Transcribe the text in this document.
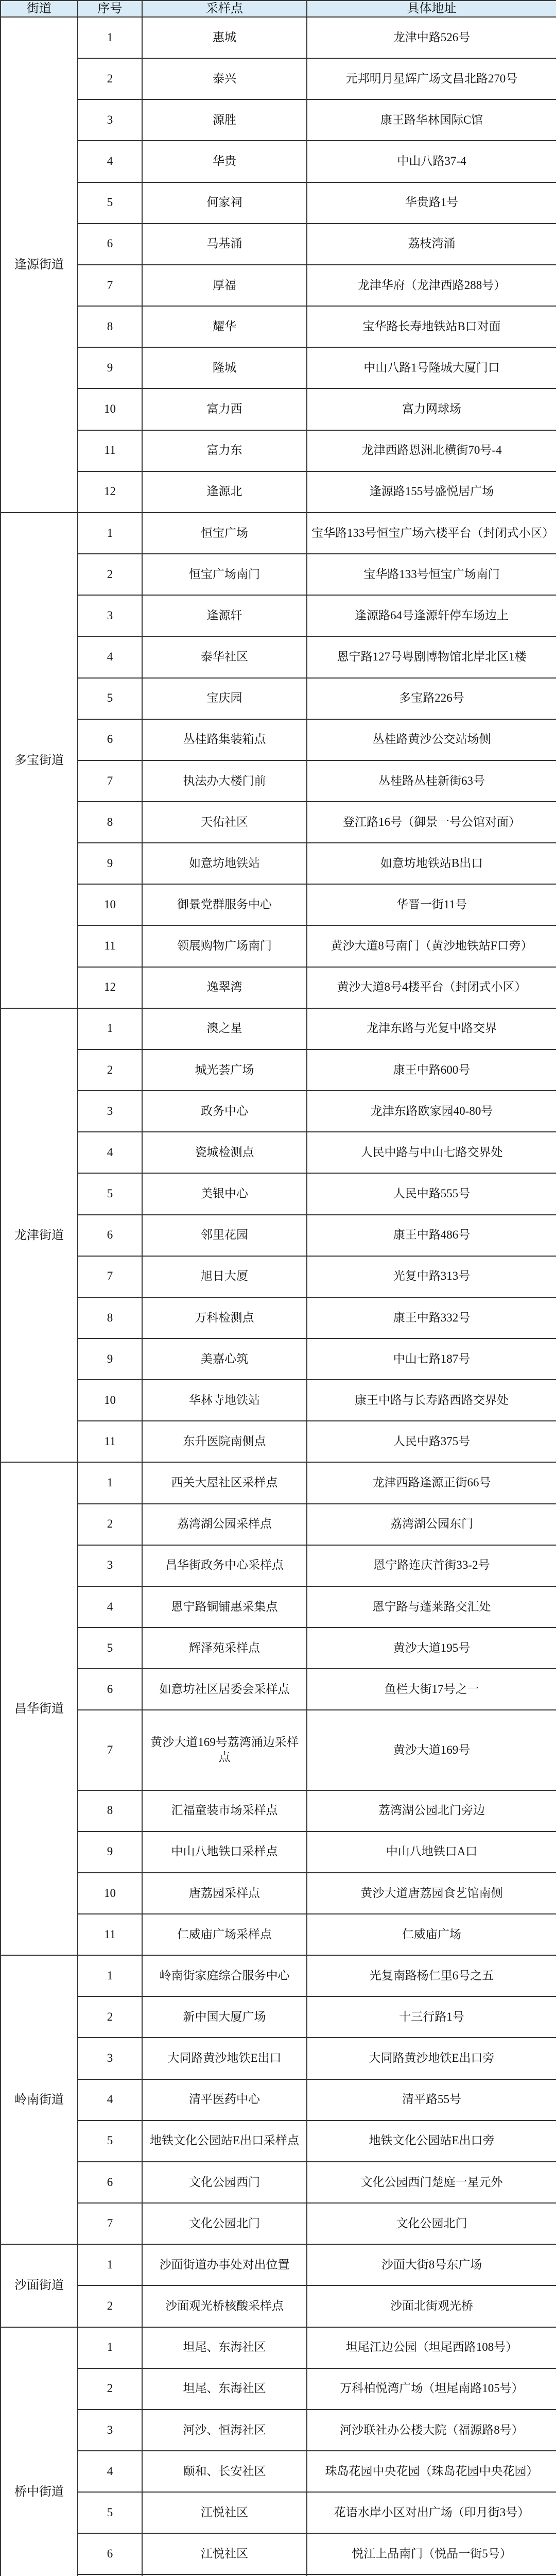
街道	序号	采样点	具体地址
逢源街道	1	惠城	龙津中路526号
	2	泰兴	元邦明月星辉广场文昌北路270号
	3	源胜	康王路华林国际C馆
	4	华贵	中山八路37-4
	5	何家祠	华贵路1号
	6	马基涌	荔枝湾涌
	7	厚福	龙津华府（龙津西路288号）
	8	耀华	宝华路长寿地铁站B口对面
	9	隆城	中山八路1号隆城大厦门口
	10	富力西	富力网球场
	11	富力东	龙津西路恩洲北横街70号-4
	12	逢源北	逢源路155号盛悦居广场
多宝街道	1	恒宝广场	宝华路133号恒宝广场六楼平台（封闭式小区）
	2	恒宝广场南门	宝华路133号恒宝广场南门
	3	逢源轩	逢源路64号逢源轩停车场边上
	4	泰华社区	恩宁路127号粤剧博物馆北岸北区1楼
	5	宝庆园	多宝路226号
	6	丛桂路集装箱点	丛桂路黄沙公交站场侧
	7	执法办大楼门前	丛桂路丛桂新街63号
	8	天佑社区	登江路16号（御景一号公馆对面）
	9	如意坊地铁站	如意坊地铁站B出口
	10	御景党群服务中心	华晋一街11号
	11	领展购物广场南门	黄沙大道8号南门（黄沙地铁站F口旁）
	12	逸翠湾	黄沙大道8号4楼平台（封闭式小区）
龙津街道	1	澳之星	龙津东路与光复中路交界
	2	城光荟广场	康王中路600号
	3	政务中心	龙津东路欧家园40-80号
	4	瓷城检测点	人民中路与中山七路交界处
	5	美银中心	人民中路555号
	6	邻里花园	康王中路486号
	7	旭日大厦	光复中路313号
	8	万科检测点	康王中路332号
	9	美嘉心筑	中山七路187号
	10	华林寺地铁站	康王中路与长寿路西路交界处
	11	东升医院南侧点	人民中路375号
昌华街道	1	西关大屋社区采样点	龙津西路逢源正街66号
	2	荔湾湖公园采样点	荔湾湖公园东门
	3	昌华街政务中心采样点	恩宁路连庆首街33-2号
	4	恩宁路铜铺惠采集点	恩宁路与蓬莱路交汇处
	5	辉泽苑采样点	黄沙大道195号
	6	如意坊社区居委会采样点	鱼栏大街17号之一
	7	黄沙大道169号荔湾涌边采样点	黄沙大道169号
	8	汇福童装市场采样点	荔湾湖公园北门旁边
	9	中山八地铁口采样点	中山八地铁口A口
	10	唐荔园采样点	黄沙大道唐荔园食艺馆南侧
	11	仁威庙广场采样点	仁威庙广场
岭南街道	1	岭南街家庭综合服务中心	光复南路杨仁里6号之五
	2	新中国大厦广场	十三行路1号
	3	大同路黄沙地铁E出口	大同路黄沙地铁E出口旁
	4	清平医药中心	清平路55号
	5	地铁文化公园站E出口采样点	地铁文化公园站E出口旁
	6	文化公园西门	文化公园西门楚庭一星元外
	7	文化公园北门	文化公园北门
沙面街道	1	沙面街道办事处对出位置	沙面大街8号东广场
	2	沙面观光桥核酸采样点	沙面北街观光桥
桥中街道	1	坦尾、东海社区	坦尾江边公园（坦尾西路108号）
	2	坦尾、东海社区	万科柏悦湾广场（坦尾南路105号）
	3	河沙、恒海社区	河沙联社办公楼大院（福源路8号）
	4	颐和、长安社区	珠岛花园中央花园（珠岛花园中央花园）
	5	江悦社区	花语水岸小区对出广场（印月街3号）
	6	江悦社区	悦江上品南门（悦品一街5号）
